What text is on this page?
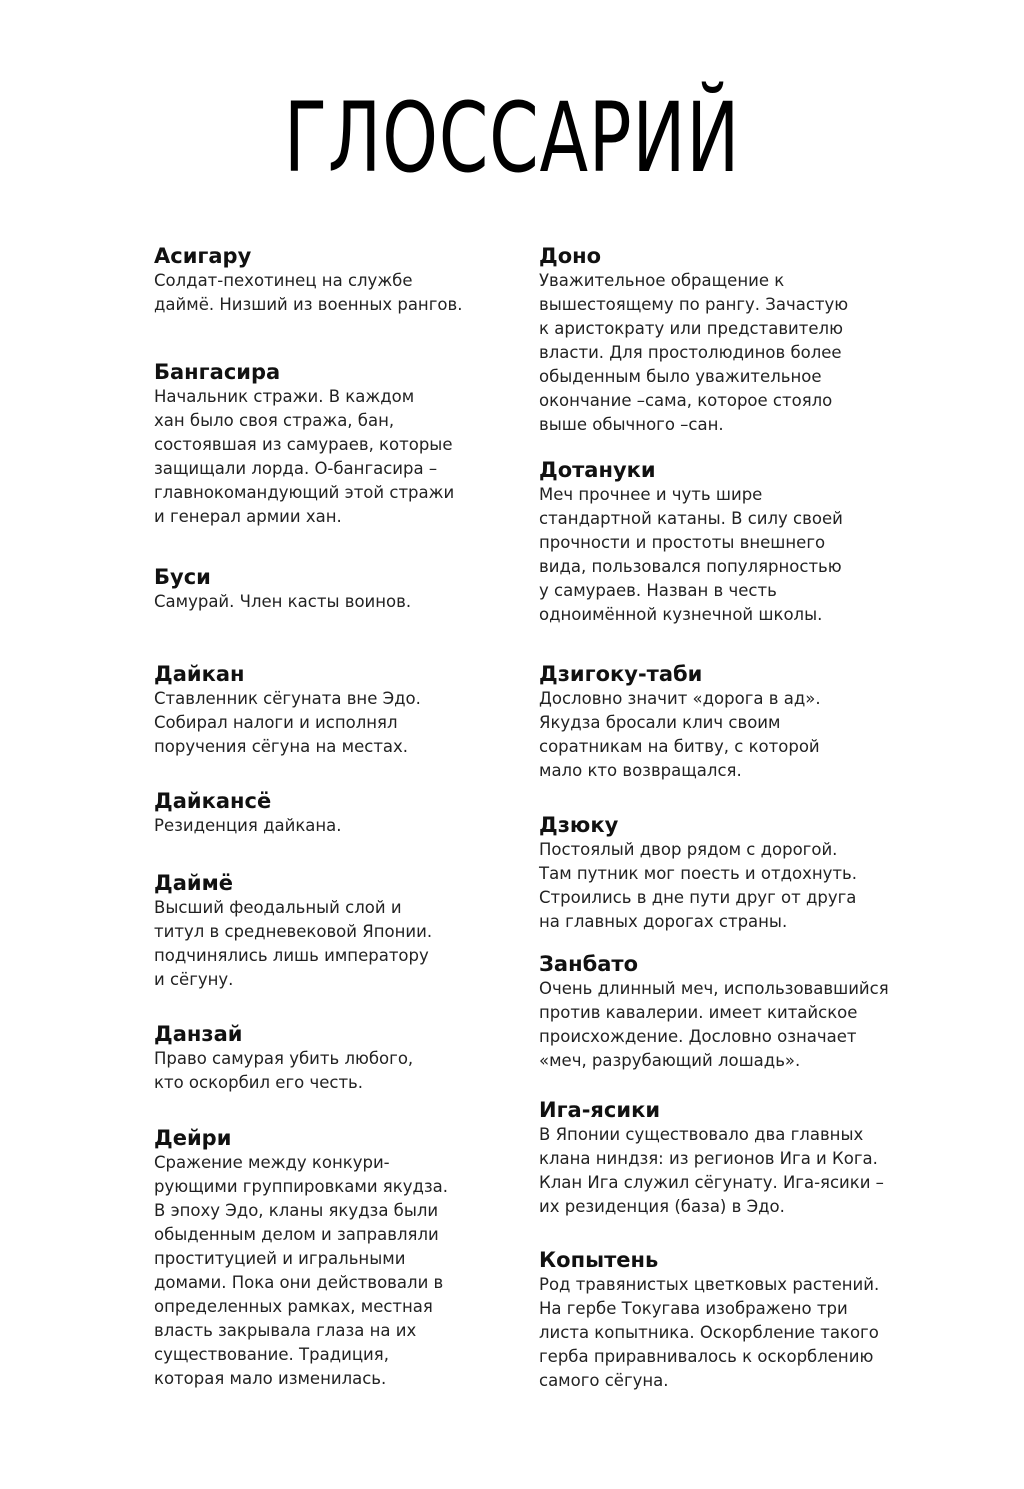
ГЛОССАРИЙ
Асигару
Солдат-пехотинец на службе
даймё. Низший из военных рангов.
Бангасира
Начальник стражи. В каждом
хан было своя стража, бан,
состоявшая из самураев, которые
защищали лорда. О-бангасира –
главнокомандующий этой стражи
и генерал армии хан.
Буси
Самурай. Член касты воинов.
Дайкан
Ставленник сёгуната вне Эдо.
Собирал налоги и исполнял
поручения сёгуна на местах.
Дайкансё
Резиденция дайкана.
Даймё
Высший феодальный слой и
титул в средневековой Японии.
подчинялись лишь императору
и сёгуну.
Данзай
Право самурая убить любого,
кто оскорбил его честь.
Дейри
Сражение между конкури-
рующими группировками якудза.
В эпоху Эдо, кланы якудза были
обыденным делом и заправляли
проституцией и игральными
домами. Пока они действовали в
определенных рамках, местная
власть закрывала глаза на их
существование. Традиция,
которая мало изменилась.
Доно
Уважительное обращение к
вышестоящему по рангу. Зачастую
к аристократу или представителю
власти. Для простолюдинов более
обыденным было уважительное
окончание –сама, которое стояло
выше обычного –сан.
Дотануки
Меч прочнее и чуть шире
стандартной катаны. В силу своей
прочности и простоты внешнего
вида, пользовался популярностью
у самураев. Назван в честь
одноимённой кузнечной школы.
Дзигоку-таби
Дословно значит «дорога в ад».
Якудза бросали клич своим
соратникам на битву, с которой
мало кто возвращался.
Дзюку
Постоялый двор рядом с дорогой.
Там путник мог поесть и отдохнуть.
Строились в дне пути друг от друга
на главных дорогах страны.
Занбато
Очень длинный меч, использовавшийся
против кавалерии. имеет китайское
происхождение. Дословно означает
«меч, разрубающий лошадь».
Ига-ясики
В Японии существовало два главных
клана ниндзя: из регионов Ига и Кога.
Клан Ига служил сёгунату. Ига-ясики –
их резиденция (база) в Эдо.
Копытень
Род травянистых цветковых растений.
На гербе Токугава изображено три
листа копытника. Оскорбление такого
герба приравнивалось к оскорблению
самого сёгуна.
